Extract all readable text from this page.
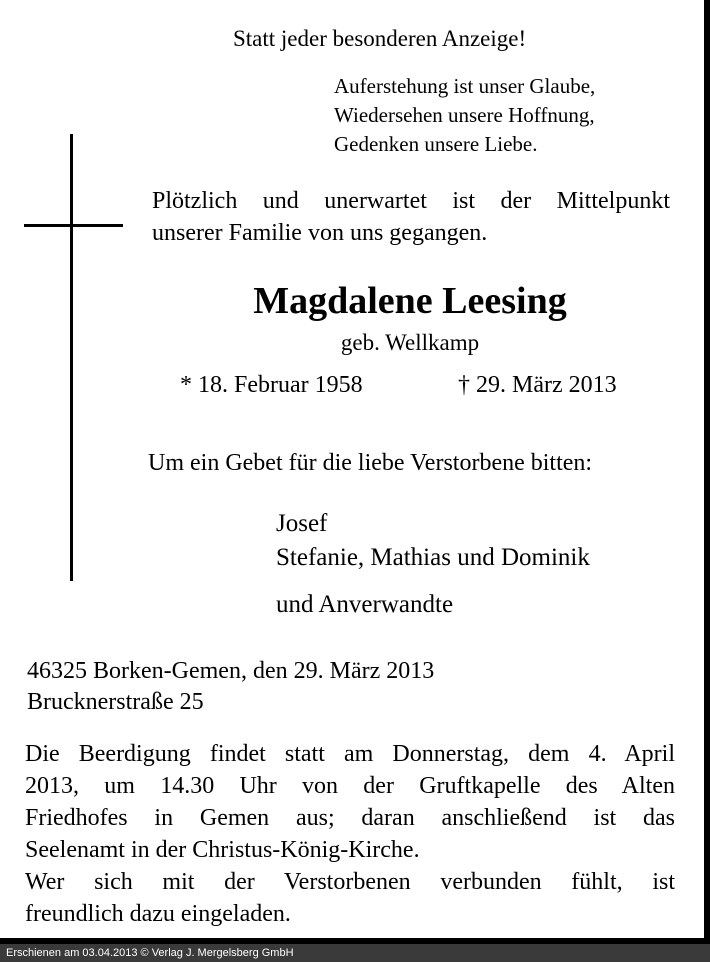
Statt jeder besonderen Anzeige!
Auferstehung ist unser Glaube,
Wiedersehen unsere Hoffnung,
Gedenken unsere Liebe.
Plötzlich und unerwartet ist der Mittelpunkt
unserer Familie von uns gegangen.
Magdalene Leesing
geb. Wellkamp
* 18. Februar 1958	† 29. März 2013
Um ein Gebet für die liebe Verstorbene bitten:
Josef
Stefanie, Mathias und Dominik
und Anverwandte
46325 Borken-Gemen, den 29. März 2013
Brucknerstraße 25
Die Beerdigung findet statt am Donnerstag, dem 4. April
2013, um 14.30 Uhr von der Gruftkapelle des Alten
Friedhofes in Gemen aus; daran anschließend ist das
Seelenamt in der Christus-König-Kirche.
Wer sich mit der Verstorbenen verbunden fühlt, ist
freundlich dazu eingeladen.
Erschienen am 03.04.2013 © Verlag J. Mergelsberg GmbH
